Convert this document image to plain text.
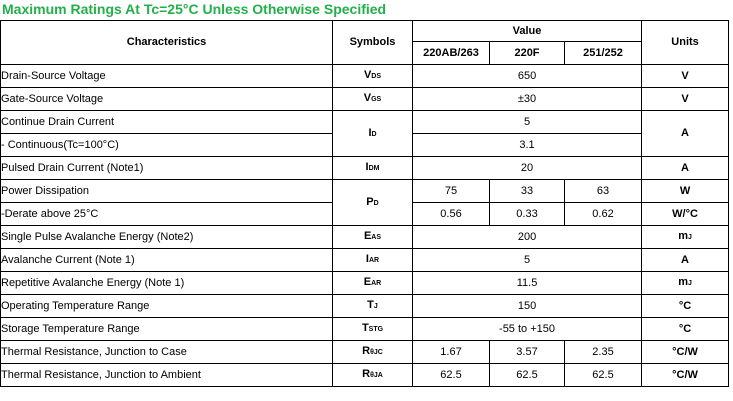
Maximum Ratings At Tc=25°C Unless Otherwise Specified
Characteristics	Symbols	Value			Units
		220AB/263	220F	251/252	
Drain-Source Voltage	VDS	650			V
Gate-Source Voltage	VGS	±30			V
Continue Drain Current	ID	5			A
- Continuous(Tc=100°C)		3.1			
Pulsed Drain Current (Note1)	IDM	20			A
Power Dissipation	PD	75	33	63	W
-Derate above 25°C		0.56	0.33	0.62	W/°C
Single Pulse Avalanche Energy (Note2)	EAS	200			mJ
Avalanche Current (Note 1)	IAR	5			A
Repetitive Avalanche Energy (Note 1)	EAR	11.5			mJ
Operating Temperature Range	TJ	150			°C
Storage Temperature Range	TSTG	-55 to +150			°C
Thermal Resistance, Junction to Case	RθJC	1.67	3.57	2.35	°C/W
Thermal Resistance, Junction to Ambient	RθJA	62.5	62.5	62.5	°C/W
